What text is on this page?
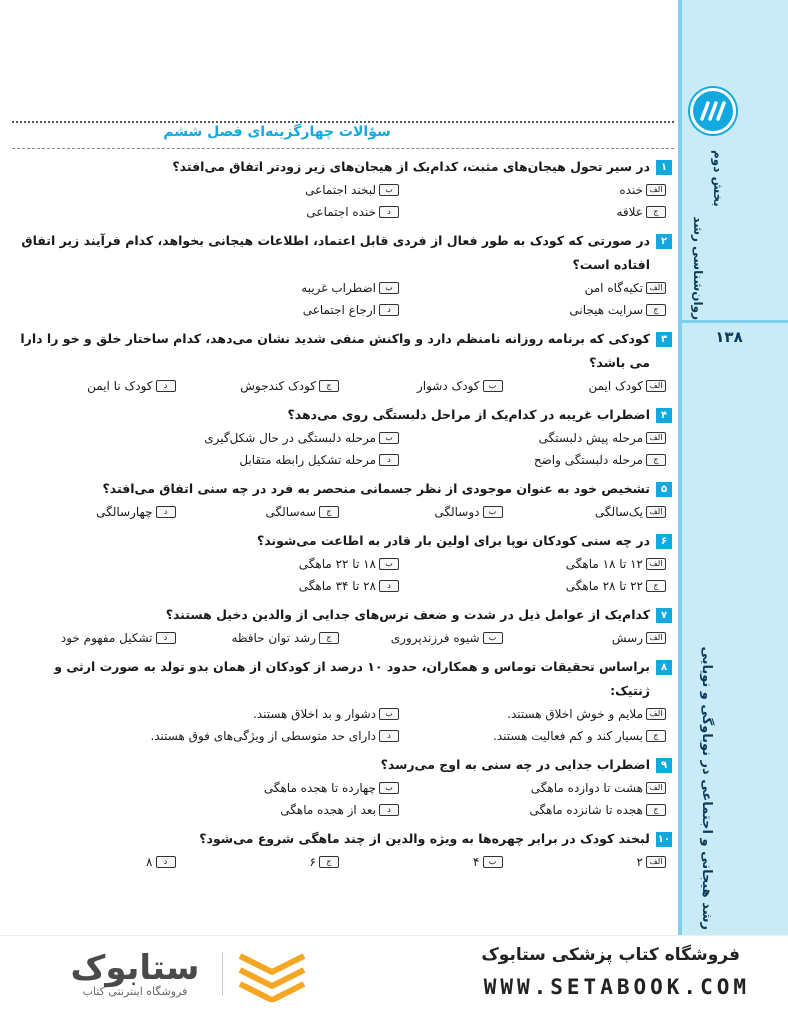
بخش دوم
روان‌شناسی رشد
۱۳۸
رشد هیجانی و اجتماعی در نوباوگی و نوپایی
سؤالات چهارگزینه‌ای فصل ششم
۱
در سیر تحول هیجان‌های مثبت، کدام‌یک از هیجان‌های زیر زودتر اتفاق می‌افتد؟
الف
خنده
ب
لبخند اجتماعی
ج
علاقه
د
خنده اجتماعی
۲
در صورتی که کودک به طور فعال از فردی قابل اعتماد، اطلاعات هیجانی بخواهد، کدام فرآیند زیر اتفاق افتاده است؟
الف
تکیه‌گاه امن
ب
اضطراب غریبه
ج
سرایت هیجانی
د
ارجاع اجتماعی
۳
کودکی که برنامه روزانه نامنظم دارد و واکنش منفی شدید نشان می‌دهد، کدام ساختار خلق و خو را دارا می باشد؟
الف
کودک ایمن
ب
کودک دشوار
ج
کودک کندجوش
د
کودک نا ایمن
۴
اضطراب غریبه در کدام‌یک از مراحل دلبستگی روی می‌دهد؟
الف
مرحله پیش دلبستگی
ب
مرحله دلبستگی در حال شکل‌گیری
ج
مرحله دلبستگی واضح
د
مرحله تشکیل رابطه متقابل
۵
تشخیص خود به عنوان موجودی از نظر جسمانی منحصر به فرد در چه سنی اتفاق می‌افتد؟
الف
یک‌سالگی
ب
دوسالگی
ج
سه‌سالگی
د
چهارسالگی
۶
در چه سنی کودکان نوپا برای اولین بار قادر به اطاعت می‌شوند؟
الف
۱۲ تا ۱۸ ماهگی
ب
۱۸ تا ۲۲ ماهگی
ج
۲۲ تا ۲۸ ماهگی
د
۲۸ تا ۳۴ ماهگی
۷
کدام‌یک از عوامل ذیل در شدت و ضعف ترس‌های جدایی از والدین دخیل هستند؟
الف
رسش
ب
شیوه فرزندپروری
ج
رشد توان حافظه
د
تشکیل مفهوم خود
۸
براساس تحقیقات توماس و همکاران، حدود ۱۰ درصد از کودکان از همان بدو تولد به صورت ارثی و ژنتیک:
الف
ملایم و خوش اخلاق هستند.
ب
دشوار و بد اخلاق هستند.
ج
بسیار کند و کم فعالیت هستند.
د
دارای حد متوسطی از ویژگی‌های فوق هستند.
۹
اضطراب جدایی در چه سنی به اوج می‌رسد؟
الف
هشت تا دوازده ماهگی
ب
چهارده تا هجده ماهگی
ج
هجده تا شانزده ماهگی
د
بعد از هجده ماهگی
۱۰
لبخند کودک در برابر چهره‌ها به ویژه والدین از چند ماهگی شروع می‌شود؟
الف
۲
ب
۴
ج
۶
د
۸
فروشگاه کتاب پزشکی ستابوک
WWW.SETABOOK.COM
ستابوک
فروشگاه اینترنتی کتاب
